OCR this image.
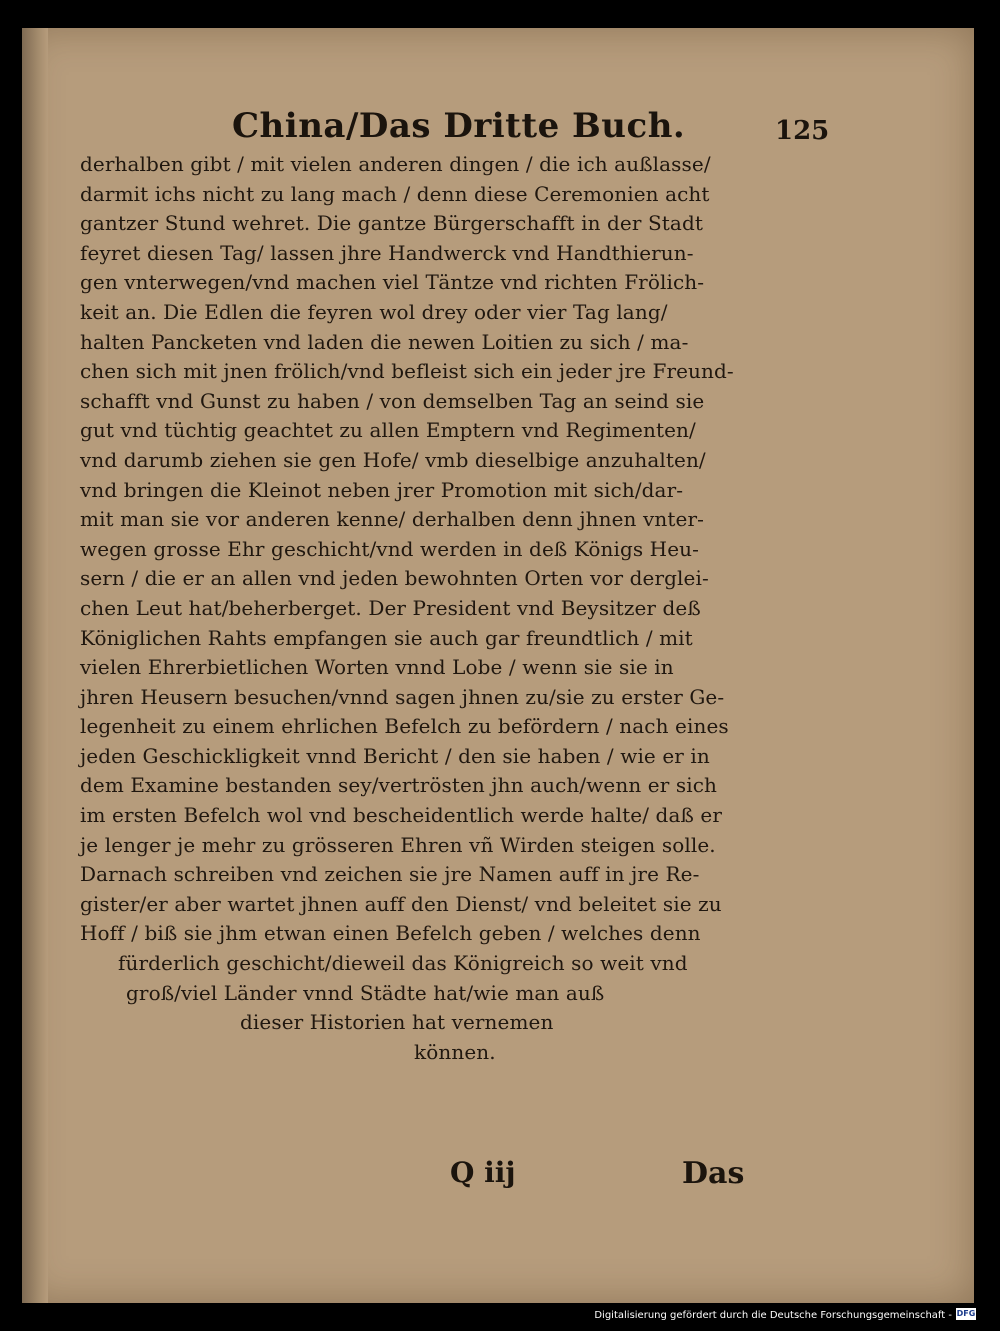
China/Das Dritte Buch.	125
derhalben gibt / mit vielen anderen dingen / die ich außlasse/
darmit ichs nicht zu lang mach / denn diese Ceremonien acht
gantzer Stund wehret. Die gantze Bürgerschafft in der Stadt
feyret diesen Tag/ lassen jhre Handwerck vnd Handthierun-
gen vnterwegen/vnd machen viel Täntze vnd richten Frölich-
keit an. Die Edlen die feyren wol drey oder vier Tag lang/
halten Pancketen vnd laden die newen Loitien zu sich / ma-
chen sich mit jnen frölich/vnd befleist sich ein jeder jre Freund-
schafft vnd Gunst zu haben / von demselben Tag an seind sie
gut vnd tüchtig geachtet zu allen Emptern vnd Regimenten/
vnd darumb ziehen sie gen Hofe/ vmb dieselbige anzuhalten/
vnd bringen die Kleinot neben jrer Promotion mit sich/dar-
mit man sie vor anderen kenne/ derhalben denn jhnen vnter-
wegen grosse Ehr geschicht/vnd werden in deß Königs Heu-
sern / die er an allen vnd jeden bewohnten Orten vor derglei-
chen Leut hat/beherberget. Der President vnd Beysitzer deß
Königlichen Rahts empfangen sie auch gar freundtlich / mit
vielen Ehrerbietlichen Worten vnnd Lobe / wenn sie sie in
jhren Heusern besuchen/vnnd sagen jhnen zu/sie zu erster Ge-
legenheit zu einem ehrlichen Befelch zu befördern / nach eines
jeden Geschickligkeit vnnd Bericht / den sie haben / wie er in
dem Examine bestanden sey/vertrösten jhn auch/wenn er sich
im ersten Befelch wol vnd bescheidentlich werde halte/ daß er
je lenger je mehr zu grösseren Ehren vñ Wirden steigen solle.
Darnach schreiben vnd zeichen sie jre Namen auff in jre Re-
gister/er aber wartet jhnen auff den Dienst/ vnd beleitet sie zu
Hoff / biß sie jhm etwan einen Befelch geben / welches denn
fürderlich geschicht/dieweil das Königreich so weit vnd
groß/viel Länder vnnd Städte hat/wie man auß
dieser Historien hat vernemen
können.
Q iij	Das
Digitalisierung gefördert durch die Deutsche Forschungsgemeinschaft - DFG
